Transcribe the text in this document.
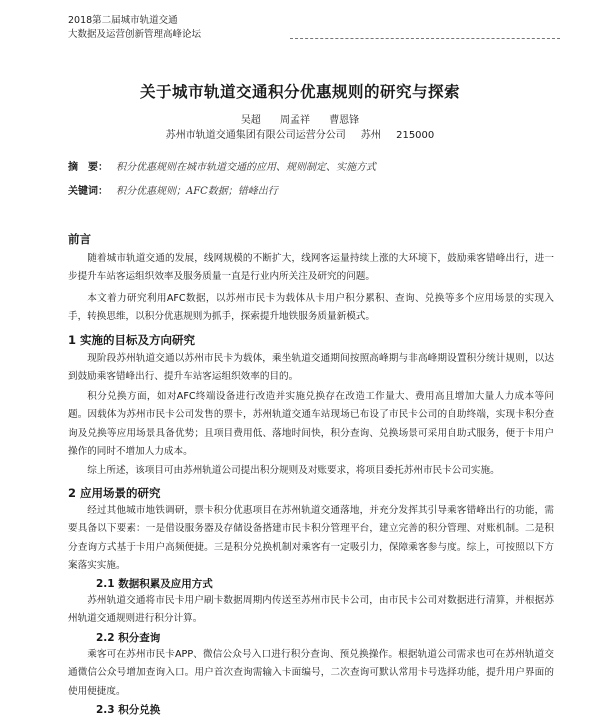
2018第二届城市轨道交通
大数据及运营创新管理高峰论坛
关于城市轨道交通积分优惠规则的研究与探索
吴超 周孟祥 曹恩锋
苏州市轨道交通集团有限公司运营分公司 苏州 215000
摘　要： 积分优惠规则在城市轨道交通的应用、规则制定、实施方式
关键词： 积分优惠规则；AFC数据；错峰出行
前言

随着城市轨道交通的发展，线网规模的不断扩大，线网客运量持续上涨的大环境下，鼓励乘客错峰出行，进一步提升车站客运组织效率及服务质量一直是行业内所关注及研究的问题。

本文着力研究利用AFC数据，以苏州市民卡为载体从卡用户积分累积、查询、兑换等多个应用场景的实现入手，转换思维，以积分优惠规则为抓手，探索提升地铁服务质量新模式。

1 实施的目标及方向研究

现阶段苏州轨道交通以苏州市民卡为载体，乘坐轨道交通期间按照高峰期与非高峰期设置积分统计规则，以达到鼓励乘客错峰出行、提升车站客运组织效率的目的。

积分兑换方面，如对AFC终端设备进行改造并实施兑换存在改造工作量大、费用高且增加大量人力成本等问题。因载体为苏州市民卡公司发售的票卡，苏州轨道交通车站现场已布设了市民卡公司的自助终端，实现卡积分查询及兑换等应用场景具备优势；且项目费用低、落地时间快，积分查询、兑换场景可采用自助式服务，便于卡用户操作的同时不增加人力成本。

综上所述，该项目可由苏州轨道公司提出积分规则及对账要求，将项目委托苏州市民卡公司实施。

2 应用场景的研究

经过其他城市地铁调研，票卡积分优惠项目在苏州轨道交通落地，并充分发挥其引导乘客错峰出行的功能，需要具备以下要素：一是借设服务器及存储设备搭建市民卡积分管理平台，建立完善的积分管理、对账机制。二是积分查询方式基于卡用户高频便捷。三是积分兑换机制对乘客有一定吸引力，保障乘客参与度。综上，可按照以下方案落实实施。

2.1 数据积累及应用方式

苏州轨道交通将市民卡用户刷卡数据周期内传送至苏州市民卡公司，由市民卡公司对数据进行清算，并根据苏州轨道交通规则进行积分计算。

2.2 积分查询

乘客可在苏州市民卡APP、微信公众号入口进行积分查询、预兑换操作。根据轨道公司需求也可在苏州轨道交通微信公众号增加查询入口。用户首次查询需输入卡面编号，二次查询可默认常用卡号选择功能，提升用户界面的使用便捷度。

2.3 积分兑换
